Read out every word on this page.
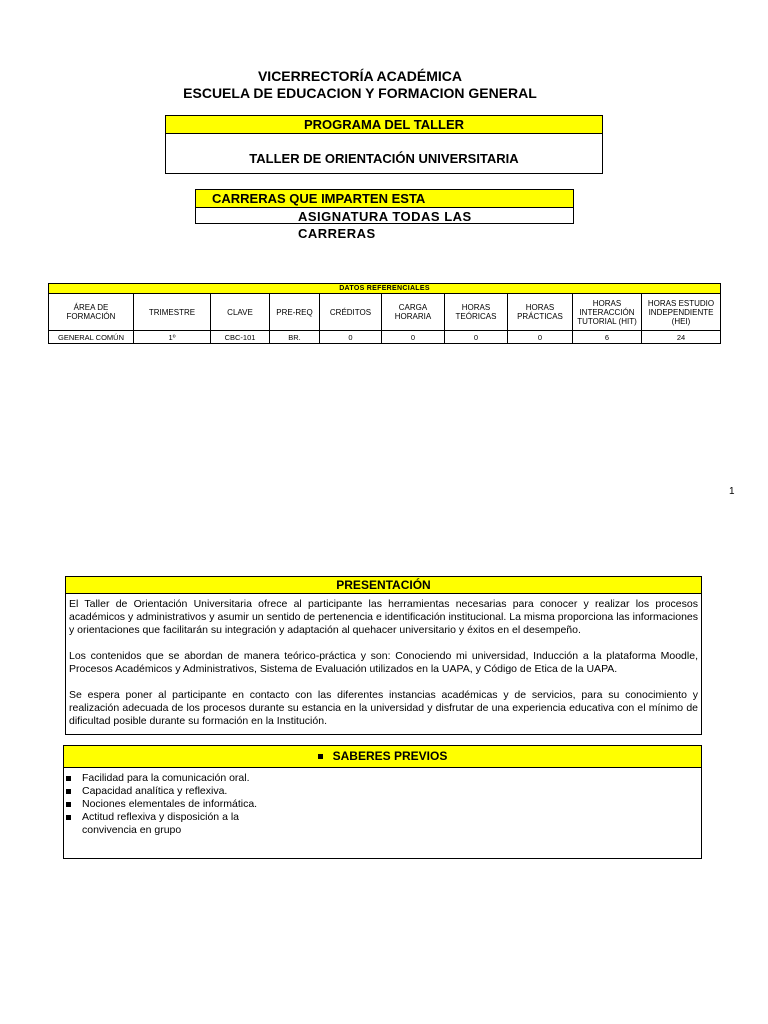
VICERRECTORÍA ACADÉMICA
ESCUELA DE EDUCACION Y FORMACION GENERAL
PROGRAMA DEL TALLER
TALLER DE ORIENTACIÓN UNIVERSITARIA
CARRERAS QUE IMPARTEN ESTA
ASIGNATURA TODAS LAS
CARRERAS
DATOS REFERENCIALES									
ÁREA DE FORMACIÓN	TRIMESTRE	CLAVE	PRE-REQ	CRÉDITOS	CARGA HORARIA	HORAS TEÓRICAS	HORAS PRÁCTICAS	HORAS INTERACCIÓN TUTORIAL (HIT)	HORAS ESTUDIO INDEPENDIENTE (HEI)
GENERAL COMÚN	1º	CBC-101	BR.	0	0	0	0	6	24
1
PRESENTACIÓN

El Taller de Orientación Universitaria ofrece al participante las herramientas necesarias para conocer y realizar los procesos académicos y administrativos y asumir un sentido de pertenencia e identificación institucional. La misma proporciona las informaciones y orientaciones que facilitarán su integración y adaptación al quehacer universitario y éxitos en el desempeño.

Los contenidos que se abordan de manera teórico-práctica y son: Conociendo mi universidad, Inducción a la plataforma Moodle, Procesos Académicos y Administrativos, Sistema de Evaluación utilizados en la UAPA, y Código de Etica de la UAPA.

Se espera poner al participante en contacto con las diferentes instancias académicas y de servicios, para su conocimiento y realización adecuada de los procesos durante su estancia en la universidad y disfrutar de una experiencia educativa con el mínimo de dificultad posible durante su formación en la Institución.

SABERES PREVIOS
Facilidad para la comunicación oral.
Capacidad analítica y reflexiva.
Nociones elementales de informática.
Actitud reflexiva y disposición a la
convivencia en grupo
